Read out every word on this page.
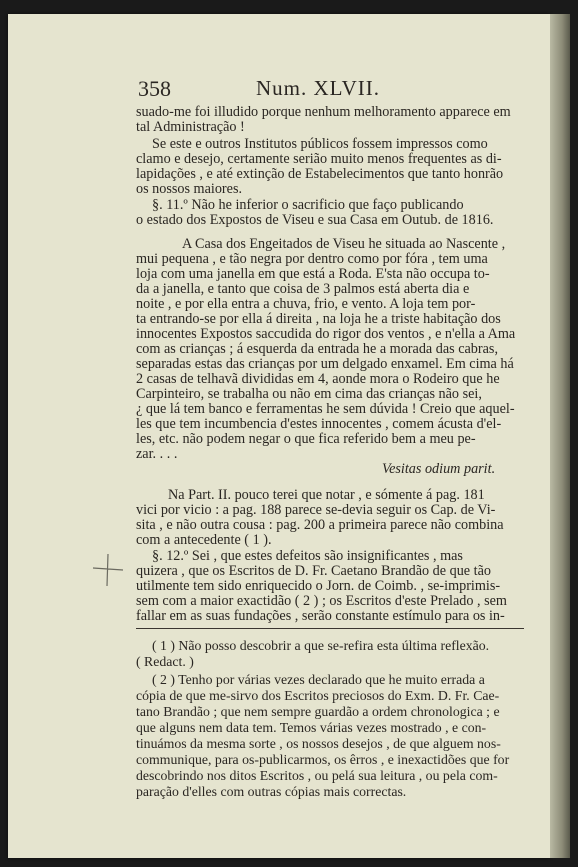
358	Num. XLVII.
suado-me foi illudido porque nenhum melhoramento apparece em
tal Administração !
Se este e outros Institutos públicos fossem impressos como
clamo e desejo, certamente serião muito menos frequentes as di-
lapidações , e até extinção de Estabelecimentos que tanto honrão
os nossos maiores.
§. 11.º Não he inferior o sacrificio que faço publicando
o estado dos Expostos de Viseu e sua Casa em Outub. de 1816.
A Casa dos Engeitados de Viseu he situada ao Nascente ,
mui pequena , e tão negra por dentro como por fóra , tem uma
loja com uma janella em que está a Roda. E'sta não occupa to-
da a janella, e tanto que coisa de 3 palmos está aberta dia e
noite , e por ella entra a chuva, frio, e vento. A loja tem por-
ta entrando-se por ella á direita , na loja he a triste habitação dos
innocentes Expostos saccudida do rigor dos ventos , e n'ella a Ama
com as crianças ; á esquerda da entrada he a morada das cabras,
separadas estas das crianças por um delgado enxamel. Em cima há
2 casas de telhavã divididas em 4, aonde mora o Rodeiro que he
Carpinteiro, se trabalha ou não em cima das crianças não sei,
¿ que lá tem banco e ferramentas he sem dúvida ! Creio que aquel-
les que tem incumbencia d'estes innocentes , comem ácusta d'el-
les, etc. não podem negar o que fica referido bem a meu pe-
zar. . . .
Vesitas odium parit.
Na Part. II. pouco terei que notar , e sómente á pag. 181
vici por vicio : a pag. 188 parece se-devia seguir os Cap. de Vi-
sita , e não outra cousa : pag. 200 a primeira parece não combina
com a antecedente ( 1 ).
§. 12.º Sei , que estes defeitos são insignificantes , mas
quizera , que os Escritos de D. Fr. Caetano Brandão de que tão
utilmente tem sido enriquecido o Jorn. de Coimb. , se-imprimis-
sem com a maior exactidão ( 2 ) ; os Escritos d'este Prelado , sem
fallar em as suas fundações , serão constante estímulo para os in-
( 1 ) Não posso descobrir a que se-refira esta última reflexão.
( Redact. )
( 2 ) Tenho por várias vezes declarado que he muito errada a
cópia de que me-sirvo dos Escritos preciosos do Exm. D. Fr. Cae-
tano Brandão ; que nem sempre guardão a ordem chronologica ; e
que alguns nem data tem. Temos várias vezes mostrado , e con-
tinuámos da mesma sorte , os nossos desejos , de que alguem nos-
communique, para os-publicarmos, os êrros , e inexactidões que for
descobrindo nos ditos Escritos , ou pelá sua leitura , ou pela com-
paração d'elles com outras cópias mais correctas.
